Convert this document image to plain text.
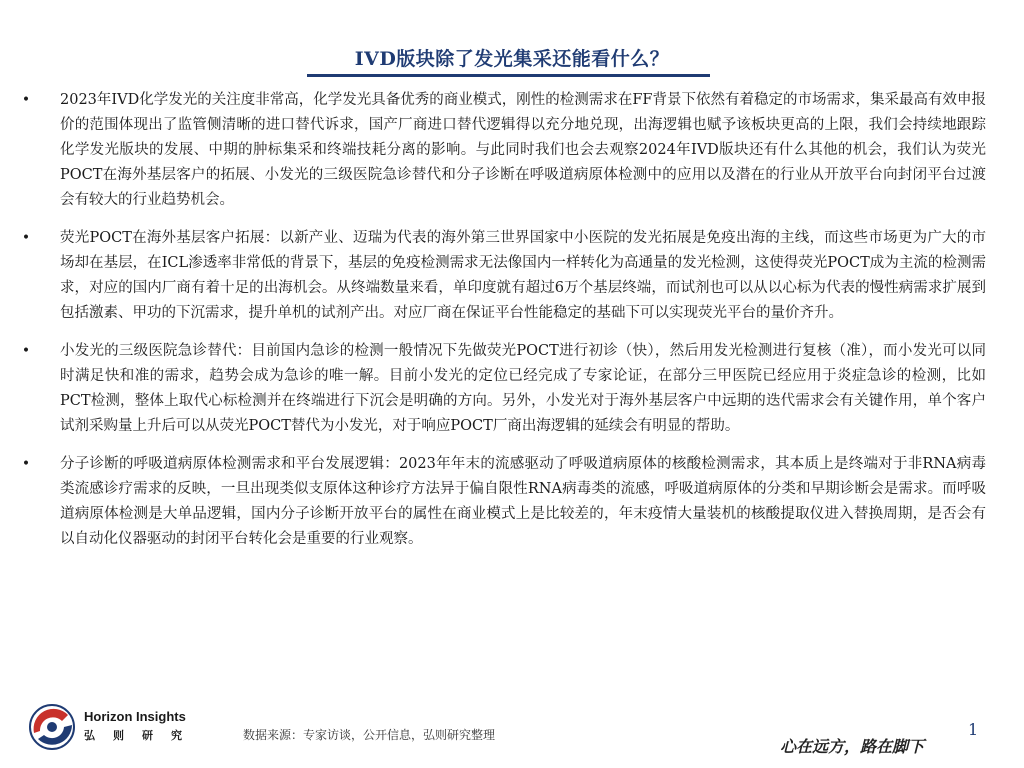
IVD版块除了发光集采还能看什么？
• 2023年IVD化学发光的关注度非常高，化学发光具备优秀的商业模式，刚性的检测需求在FF背景下依然有着稳定的市场需求，集采最高有效申报价的范围体现出了监管侧清晰的进口替代诉求，国产厂商进口替代逻辑得以充分地兑现，出海逻辑也赋予该板块更高的上限，我们会持续地跟踪化学发光版块的发展、中期的肿标集采和终端技耗分离的影响。与此同时我们也会去观察2024年IVD版块还有什么其他的机会，我们认为荧光POCT在海外基层客户的拓展、小发光的三级医院急诊替代和分子诊断在呼吸道病原体检测中的应用以及潜在的行业从开放平台向封闭平台过渡会有较大的行业趋势机会。
• 荧光POCT在海外基层客户拓展：以新产业、迈瑞为代表的海外第三世界国家中小医院的发光拓展是免疫出海的主线，而这些市场更为广大的市场却在基层，在ICL渗透率非常低的背景下，基层的免疫检测需求无法像国内一样转化为高通量的发光检测，这使得荧光POCT成为主流的检测需求，对应的国内厂商有着十足的出海机会。从终端数量来看，单印度就有超过6万个基层终端，而试剂也可以从以心标为代表的慢性病需求扩展到包括激素、甲功的下沉需求，提升单机的试剂产出。对应厂商在保证平台性能稳定的基础下可以实现荧光平台的量价齐升。
• 小发光的三级医院急诊替代：目前国内急诊的检测一般情况下先做荧光POCT进行初诊（快），然后用发光检测进行复核（准），而小发光可以同时满足快和准的需求，趋势会成为急诊的唯一解。目前小发光的定位已经完成了专家论证，在部分三甲医院已经应用于炎症急诊的检测，比如PCT检测，整体上取代心标检测并在终端进行下沉会是明确的方向。另外，小发光对于海外基层客户中远期的迭代需求会有关键作用，单个客户试剂采购量上升后可以从荧光POCT替代为小发光，对于响应POCT厂商出海逻辑的延续会有明显的帮助。
• 分子诊断的呼吸道病原体检测需求和平台发展逻辑：2023年年末的流感驱动了呼吸道病原体的核酸检测需求，其本质上是终端对于非RNA病毒类流感诊疗需求的反映，一旦出现类似支原体这种诊疗方法异于偏自限性RNA病毒类的流感，呼吸道病原体的分类和早期诊断会是需求。而呼吸道病原体检测是大单品逻辑，国内分子诊断开放平台的属性在商业模式上是比较差的，年末疫情大量装机的核酸提取仪进入替换周期，是否会有以自动化仪器驱动的封闭平台转化会是重要的行业观察。
Horizon Insights
弘则研究	数据来源：专家访谈，公开信息，弘则研究整理	1
心在远方，路在脚下
